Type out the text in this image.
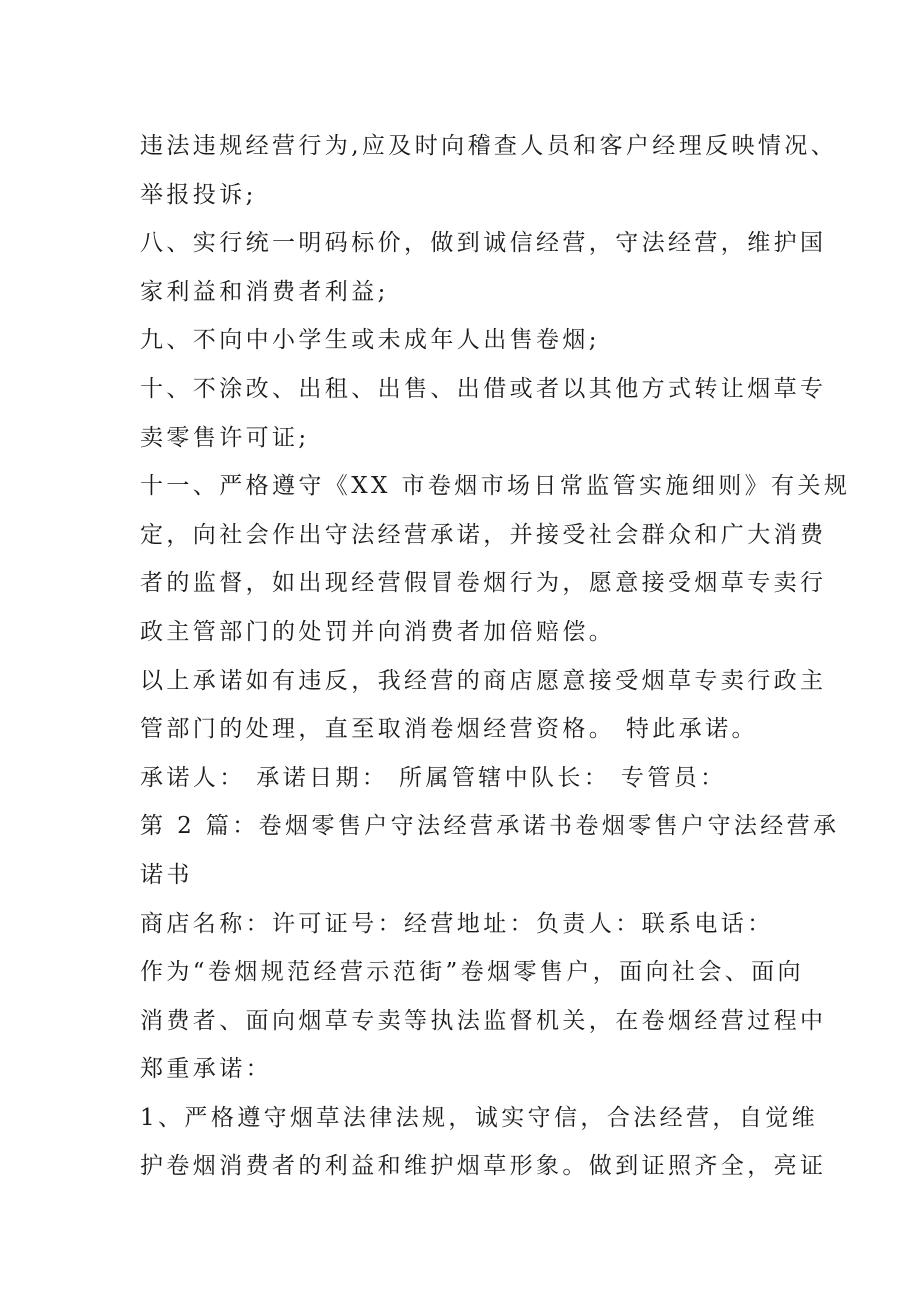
违法违规经营行为,应及时向稽查人员和客户经理反映情况、
举报投诉;
八、实行统一明码标价，做到诚信经营，守法经营，维护国
家利益和消费者利益;
九、不向中小学生或未成年人出售卷烟;
十、不涂改、出租、出售、出借或者以其他方式转让烟草专
卖零售许可证;
十一、严格遵守《XX 市卷烟市场日常监管实施细则》有关规
定，向社会作出守法经营承诺，并接受社会群众和广大消费
者的监督，如出现经营假冒卷烟行为，愿意接受烟草专卖行
政主管部门的处罚并向消费者加倍赔偿。
以上承诺如有违反，我经营的商店愿意接受烟草专卖行政主
管部门的处理，直至取消卷烟经营资格。 特此承诺。
承诺人： 承诺日期： 所属管辖中队长： 专管员：
第 2 篇：卷烟零售户守法经营承诺书卷烟零售户守法经营承
诺书
商店名称：许可证号：经营地址：负责人：联系电话：
作为“卷烟规范经营示范街”卷烟零售户，面向社会、面向
消费者、面向烟草专卖等执法监督机关，在卷烟经营过程中
郑重承诺：
1、严格遵守烟草法律法规，诚实守信，合法经营，自觉维
护卷烟消费者的利益和维护烟草形象。做到证照齐全，亮证
